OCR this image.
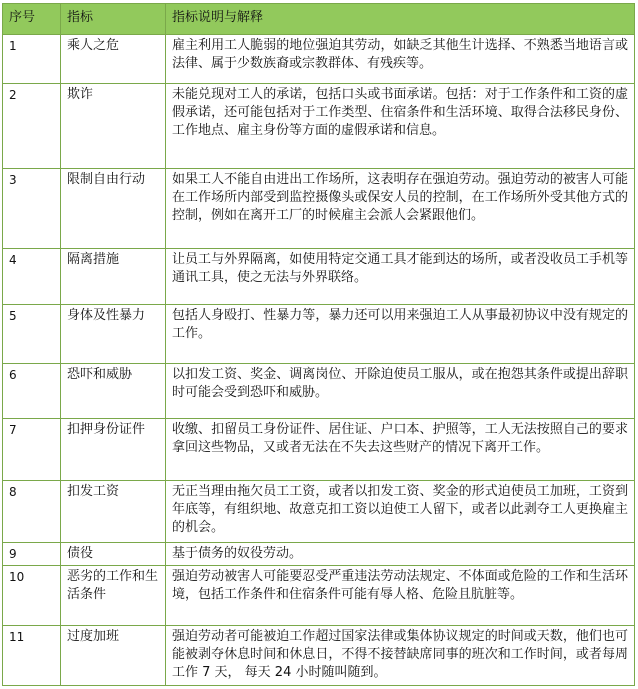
序号	指标	指标说明与解释
1	乘人之危	雇主利用工人脆弱的地位强迫其劳动，如缺乏其他生计选择、不熟悉当地语言或法律、属于少数族裔或宗教群体、有残疾等。
2	欺诈	未能兑现对工人的承诺，包括口头或书面承诺。包括：对于工作条件和工资的虚假承诺，还可能包括对于工作类型、住宿条件和生活环境、取得合法移民身份、工作地点、雇主身份等方面的虚假承诺和信息。
3	限制自由行动	如果工人不能自由进出工作场所，这表明存在强迫劳动。强迫劳动的被害人可能在工作场所内部受到监控摄像头或保安人员的控制，在工作场所外受其他方式的控制，例如在离开工厂的时候雇主会派人会紧跟他们。
4	隔离措施	让员工与外界隔离，如使用特定交通工具才能到达的场所，或者没收员工手机等通讯工具，使之无法与外界联络。
5	身体及性暴力	包括人身殴打、性暴力等，暴力还可以用来强迫工人从事最初协议中没有规定的工作。
6	恐吓和威胁	以扣发工资、奖金、调离岗位、开除迫使员工服从，或在抱怨其条件或提出辞职时可能会受到恐吓和威胁。
7	扣押身份证件	收缴、扣留员工身份证件、居住证、户口本、护照等，工人无法按照自己的要求拿回这些物品，又或者无法在不失去这些财产的情况下离开工作。
8	扣发工资	无正当理由拖欠员工工资，或者以扣发工资、奖金的形式迫使员工加班，工资到年底等，有组织地、故意克扣工资以迫使工人留下，或者以此剥夺工人更换雇主的机会。
9	债役	基于债务的奴役劳动。
10	恶劣的工作和生活条件	强迫劳动被害人可能要忍受严重违法劳动法规定、不体面或危险的工作和生活环境，包括工作条件和住宿条件可能有辱人格、危险且肮脏等。
11	过度加班	强迫劳动者可能被迫工作超过国家法律或集体协议规定的时间或天数，他们也可能被剥夺休息时间和休息日，不得不接替缺席同事的班次和工作时间，或者每周工作 7 天， 每天 24 小时随叫随到。
